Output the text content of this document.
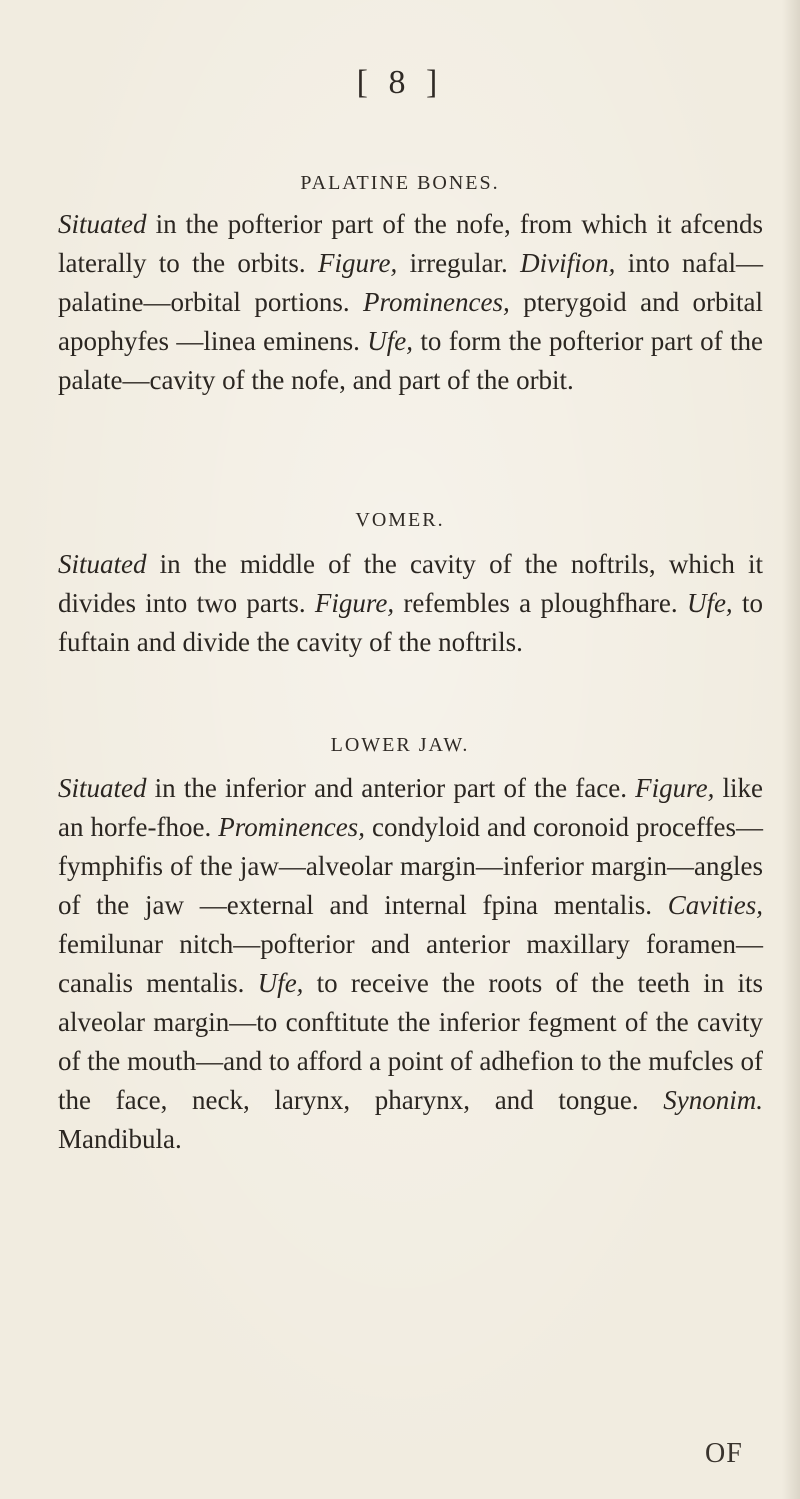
[ 8 ]
PALATINE BONES.
Situated in the pofterior part of the nofe, from which it afcends laterally to the orbits. Figure, irregular. Divifion, into nafal—palatine—orbital portions. Prominences, pterygoid and orbital apophyfes —linea eminens. Ufe, to form the pofterior part of the palate—cavity of the nofe, and part of the orbit.
VOMER.
Situated in the middle of the cavity of the noftrils, which it divides into two parts. Figure, refembles a ploughfhare. Ufe, to fuftain and divide the cavity of the noftrils.
LOWER JAW.
Situated in the inferior and anterior part of the face. Figure, like an horfe-fhoe. Prominences, condyloid and coronoid proceffes—fymphifis of the jaw—alveolar margin—inferior margin—angles of the jaw —external and internal fpina mentalis. Cavities, femilunar nitch—pofterior and anterior maxillary foramen—canalis mentalis. Ufe, to receive the roots of the teeth in its alveolar margin—to conftitute the inferior fegment of the cavity of the mouth—and to afford a point of adhefion to the mufcles of the face, neck, larynx, pharynx, and tongue. Synonim. Mandibula.
OF
